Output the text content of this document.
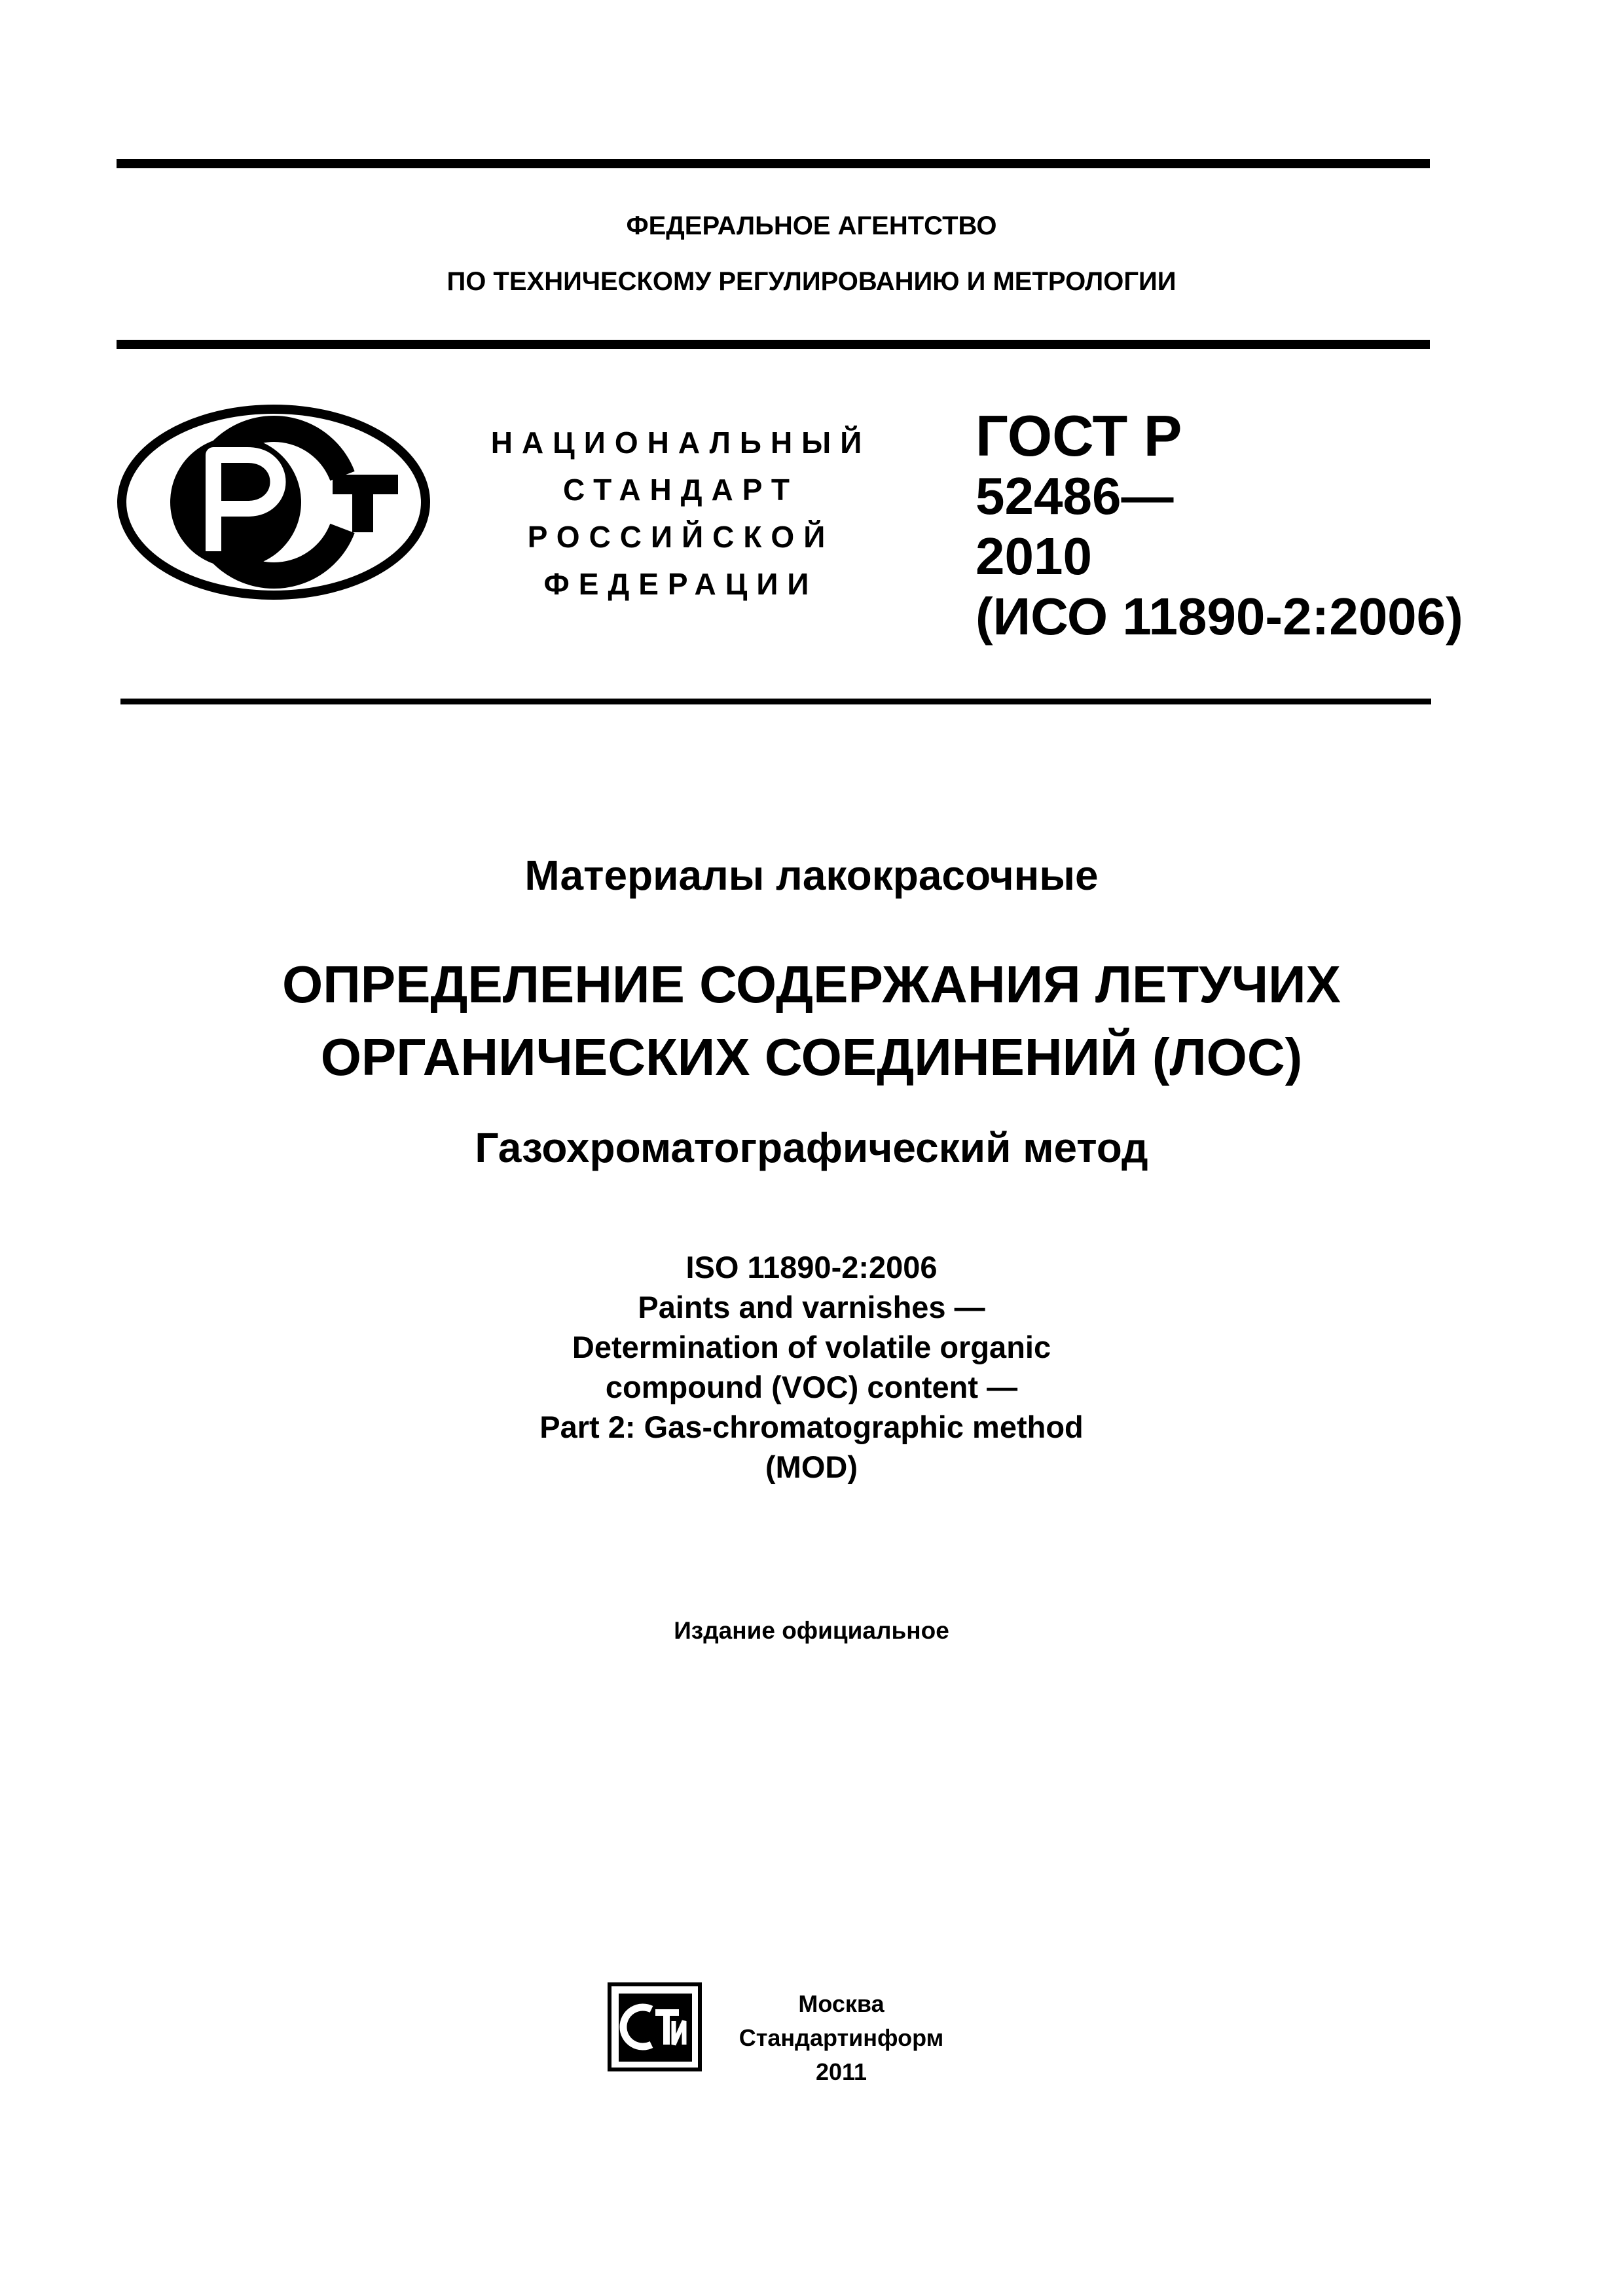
ФЕДЕРАЛЬНОЕ АГЕНТСТВО
ПО ТЕХНИЧЕСКОМУ РЕГУЛИРОВАНИЮ И МЕТРОЛОГИИ
НАЦИОНАЛЬНЫЙ
СТАНДАРТ
РОССИЙСКОЙ
ФЕДЕРАЦИИ
ГОСТ Р
52486—
2010
(ИСО 11890-2:2006)
Материалы лакокрасочные
ОПРЕДЕЛЕНИЕ СОДЕРЖАНИЯ ЛЕТУЧИХ
ОРГАНИЧЕСКИХ СОЕДИНЕНИЙ (ЛОС)
Газохроматографический метод
ISO 11890-2:2006
Paints and varnishes —
Determination of volatile organic
compound (VOC) content —
Part 2: Gas-chromatographic method
(MOD)
Издание официальное
Москва
Стандартинформ
2011
